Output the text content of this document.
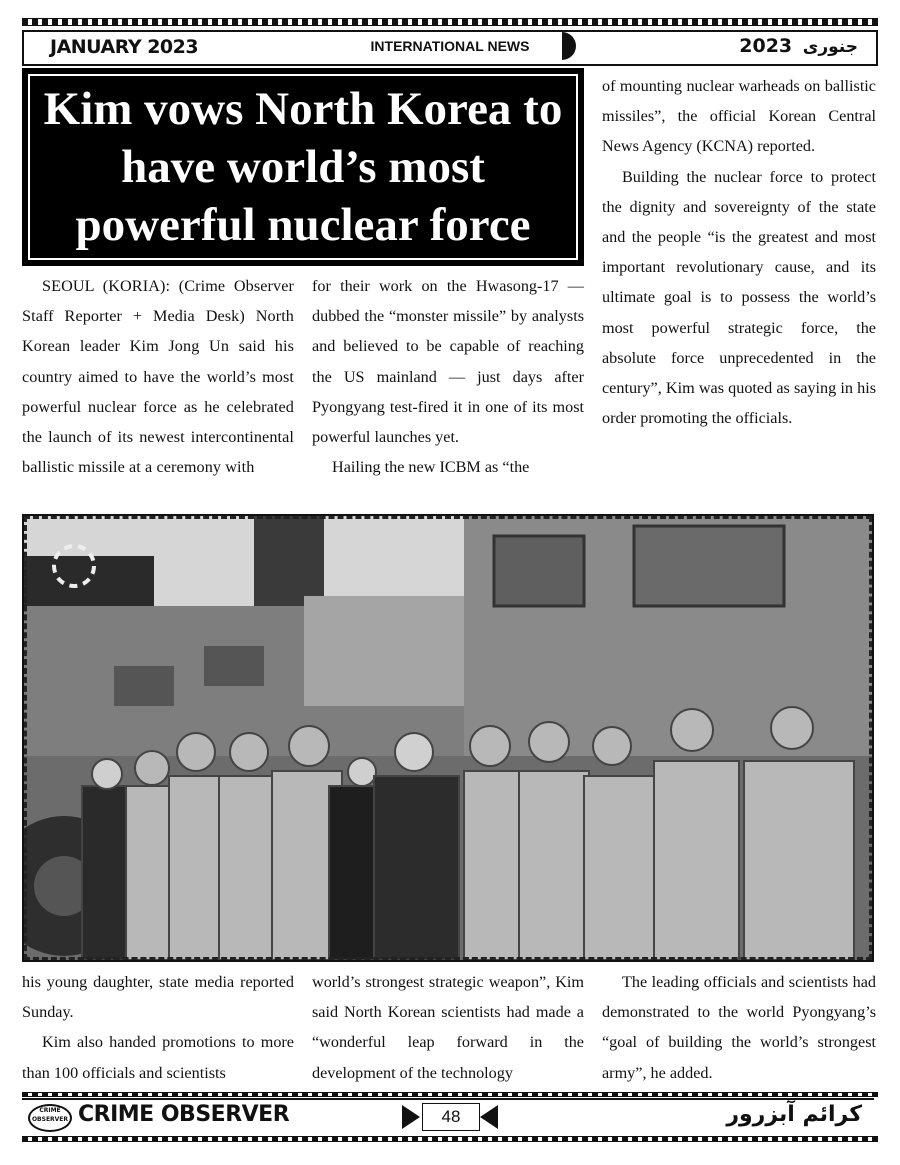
JANUARY 2023	INTERNATIONAL NEWS	2023 جنوری
Kim vows North Korea to have world’s most powerful nuclear force

SEOUL (KORIA): (Crime Observer Staff Reporter + Media Desk) North Korean leader Kim Jong Un said his country aimed to have the world’s most powerful nuclear force as he celebrated the launch of its newest intercontinental ballistic missile at a ceremony with

for their work on the Hwasong-17 — dubbed the “monster missile” by analysts and believed to be capable of reaching the US mainland — just days after Pyongyang test-fired it in one of its most powerful launches yet.

Hailing the new ICBM as “the

of mounting nuclear warheads on ballistic missiles”, the official Korean Central News Agency (KCNA) reported.

Building the nuclear force to protect the dignity and sovereignty of the state and the people “is the greatest and most important revolutionary cause, and its ultimate goal is to possess the world’s most powerful strategic force, the absolute force unprecedented in the century”, Kim was quoted as saying in his order promoting the officials.

his young daughter, state media reported Sunday.

Kim also handed promotions to more than 100 officials and scientists

world’s strongest strategic weapon”, Kim said North Korean scientists had made a “wonderful leap forward in the development of the technology

The leading officials and scientists had demonstrated to the world Pyongyang’s “goal of building the world’s strongest army”, he added.

CRIME OBSERVER CRIME OBSERVER	48	کرائم آبزرور
